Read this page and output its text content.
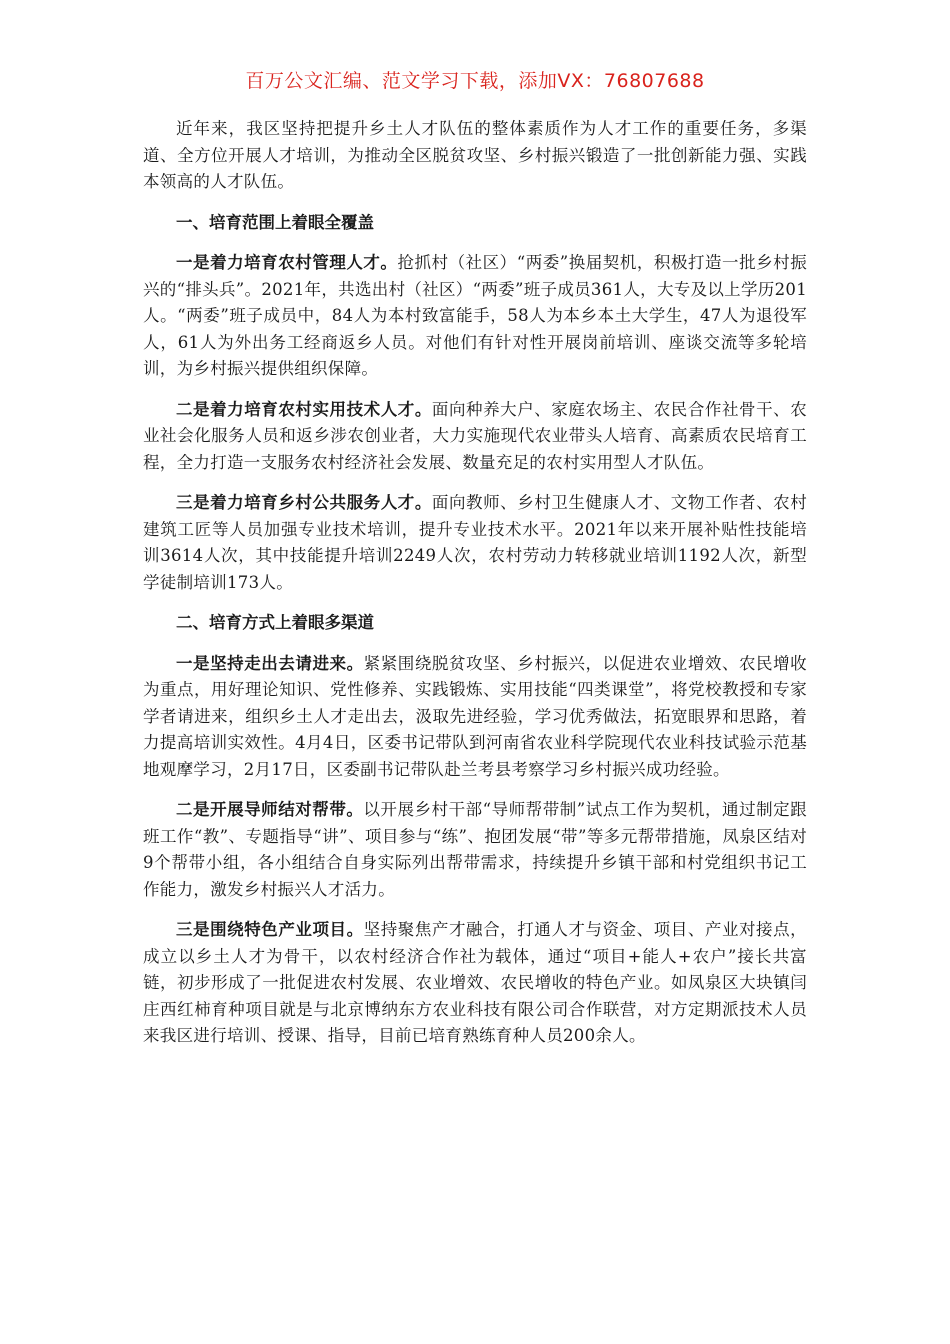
百万公文汇编、范文学习下载，添加VX：76807688

近年来，我区坚持把提升乡土人才队伍的整体素质作为人才工作的重要任务，多渠道、全方位开展人才培训，为推动全区脱贫攻坚、乡村振兴锻造了一批创新能力强、实践本领高的人才队伍。

一、培育范围上着眼全覆盖

一是着力培育农村管理人才。抢抓村（社区）“两委”换届契机，积极打造一批乡村振兴的“排头兵”。2021年，共选出村（社区）“两委”班子成员361人，大专及以上学历201人。“两委”班子成员中，84人为本村致富能手，58人为本乡本土大学生，47人为退役军人，61人为外出务工经商返乡人员。对他们有针对性开展岗前培训、座谈交流等多轮培训，为乡村振兴提供组织保障。

二是着力培育农村实用技术人才。面向种养大户、家庭农场主、农民合作社骨干、农业社会化服务人员和返乡涉农创业者，大力实施现代农业带头人培育、高素质农民培育工程，全力打造一支服务农村经济社会发展、数量充足的农村实用型人才队伍。

三是着力培育乡村公共服务人才。面向教师、乡村卫生健康人才、文物工作者、农村建筑工匠等人员加强专业技术培训，提升专业技术水平。2021年以来开展补贴性技能培训3614人次，其中技能提升培训2249人次，农村劳动力转移就业培训1192人次，新型学徒制培训173人。

二、培育方式上着眼多渠道

一是坚持走出去请进来。紧紧围绕脱贫攻坚、乡村振兴，以促进农业增效、农民增收为重点，用好理论知识、党性修养、实践锻炼、实用技能“四类课堂”，将党校教授和专家学者请进来，组织乡土人才走出去，汲取先进经验，学习优秀做法，拓宽眼界和思路，着力提高培训实效性。4月4日，区委书记带队到河南省农业科学院现代农业科技试验示范基地观摩学习，2月17日，区委副书记带队赴兰考县考察学习乡村振兴成功经验。

二是开展导师结对帮带。以开展乡村干部“导师帮带制”试点工作为契机，通过制定跟班工作“教”、专题指导“讲”、项目参与“练”、抱团发展“带”等多元帮带措施，凤泉区结对9个帮带小组，各小组结合自身实际列出帮带需求，持续提升乡镇干部和村党组织书记工作能力，激发乡村振兴人才活力。

三是围绕特色产业项目。坚持聚焦产才融合，打通人才与资金、项目、产业对接点，成立以乡土人才为骨干，以农村经济合作社为载体，通过“项目+能人+农户”接长共富链，初步形成了一批促进农村发展、农业增效、农民增收的特色产业。如凤泉区大块镇闫庄西红柿育种项目就是与北京博纳东方农业科技有限公司合作联营，对方定期派技术人员来我区进行培训、授课、指导，目前已培育熟练育种人员200余人。
